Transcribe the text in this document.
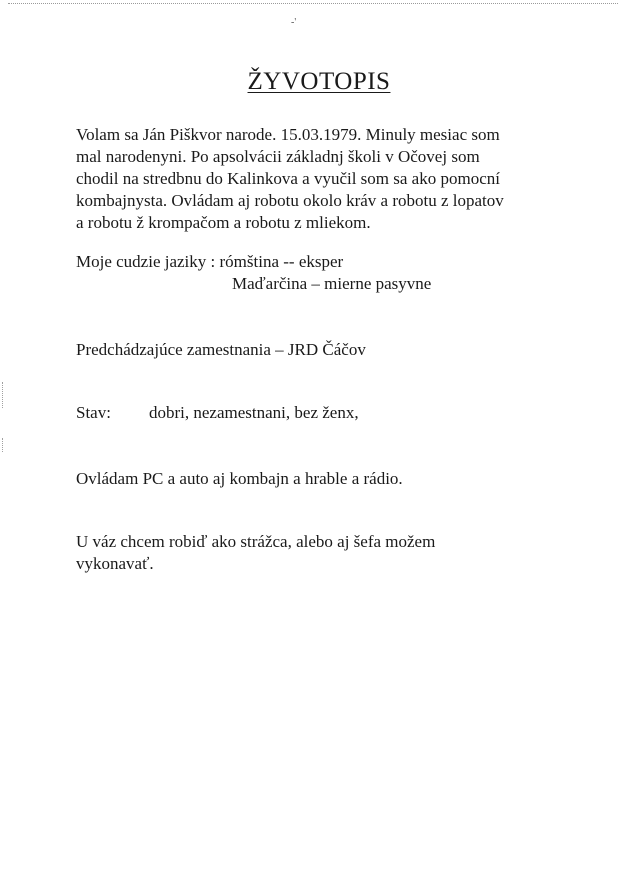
-'
ŽYVOTOPIS

Volam sa Ján Piškvor narode. 15.03.1979. Minuly mesiac som
mal narodenyni. Po apsolvácii základnj školi v Očovej som
chodil na stredbnu do Kalinkova a vyučil som sa ako pomocní
kombajnysta. Ovládam aj robotu okolo kráv a robotu z lopatov
a robotu ž krompačom a robotu z mliekom.

Moje cudzie jaziky : rómština -- eksper

Maďarčina – mierne pasyvne

Predchádzajúce zamestnania – JRD Čáčov

Stav: dobri, nezamestnani, bez ženx,

Ovládam PC a auto aj kombajn a hrable a rádio.

U váz chcem robiď ako strážca, alebo aj šefa možem
vykonavať.
